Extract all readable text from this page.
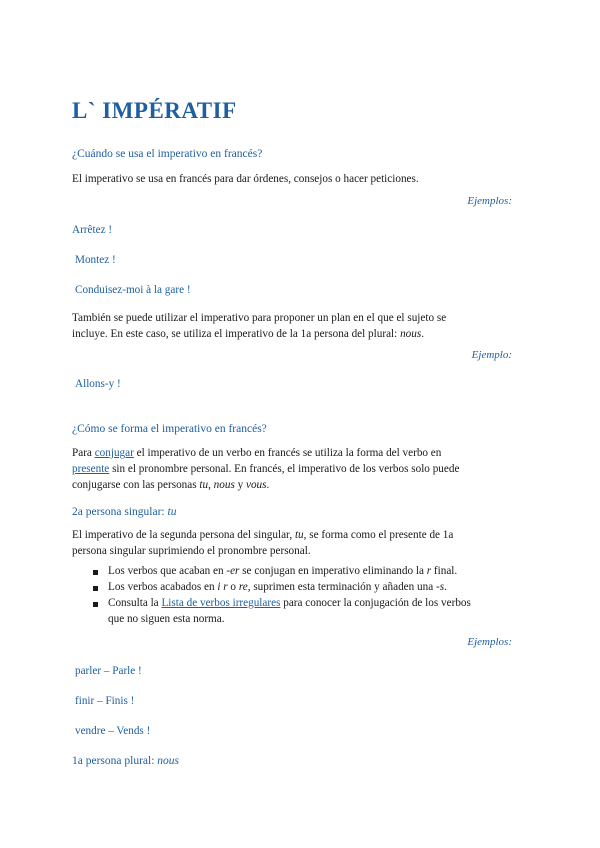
L` IMPÉRATIF
¿Cuándo se usa el imperativo en francés?
El imperativo se usa en francés para dar órdenes, consejos o hacer peticiones.
Ejemplos:
Arrêtez !
Montez !
Conduisez-moi à la gare !
También se puede utilizar el imperativo para proponer un plan en el que el sujeto se
incluye. En este caso, se utiliza el imperativo de la 1a persona del plural: nous.
Ejemplo:
Allons-y !
¿Cómo se forma el imperativo en francés?
Para conjugar el imperativo de un verbo en francés se utiliza la forma del verbo en
presente sin el pronombre personal. En francés, el imperativo de los verbos solo puede
conjugarse con las personas tu, nous y vous.
2a persona singular: tu
El imperativo de la segunda persona del singular, tu, se forma como el presente de 1a
persona singular suprimiendo el pronombre personal.
Los verbos que acaban en -er se conjugan en imperativo eliminando la r final.
Los verbos acabados en i r o re, suprimen esta terminación y añaden una -s.
Consulta la Lista de verbos irregulares para conocer la conjugación de los verbos
que no siguen esta norma.
Ejemplos:
parler – Parle !
finir – Finis !
vendre – Vends !
1a persona plural: nous
